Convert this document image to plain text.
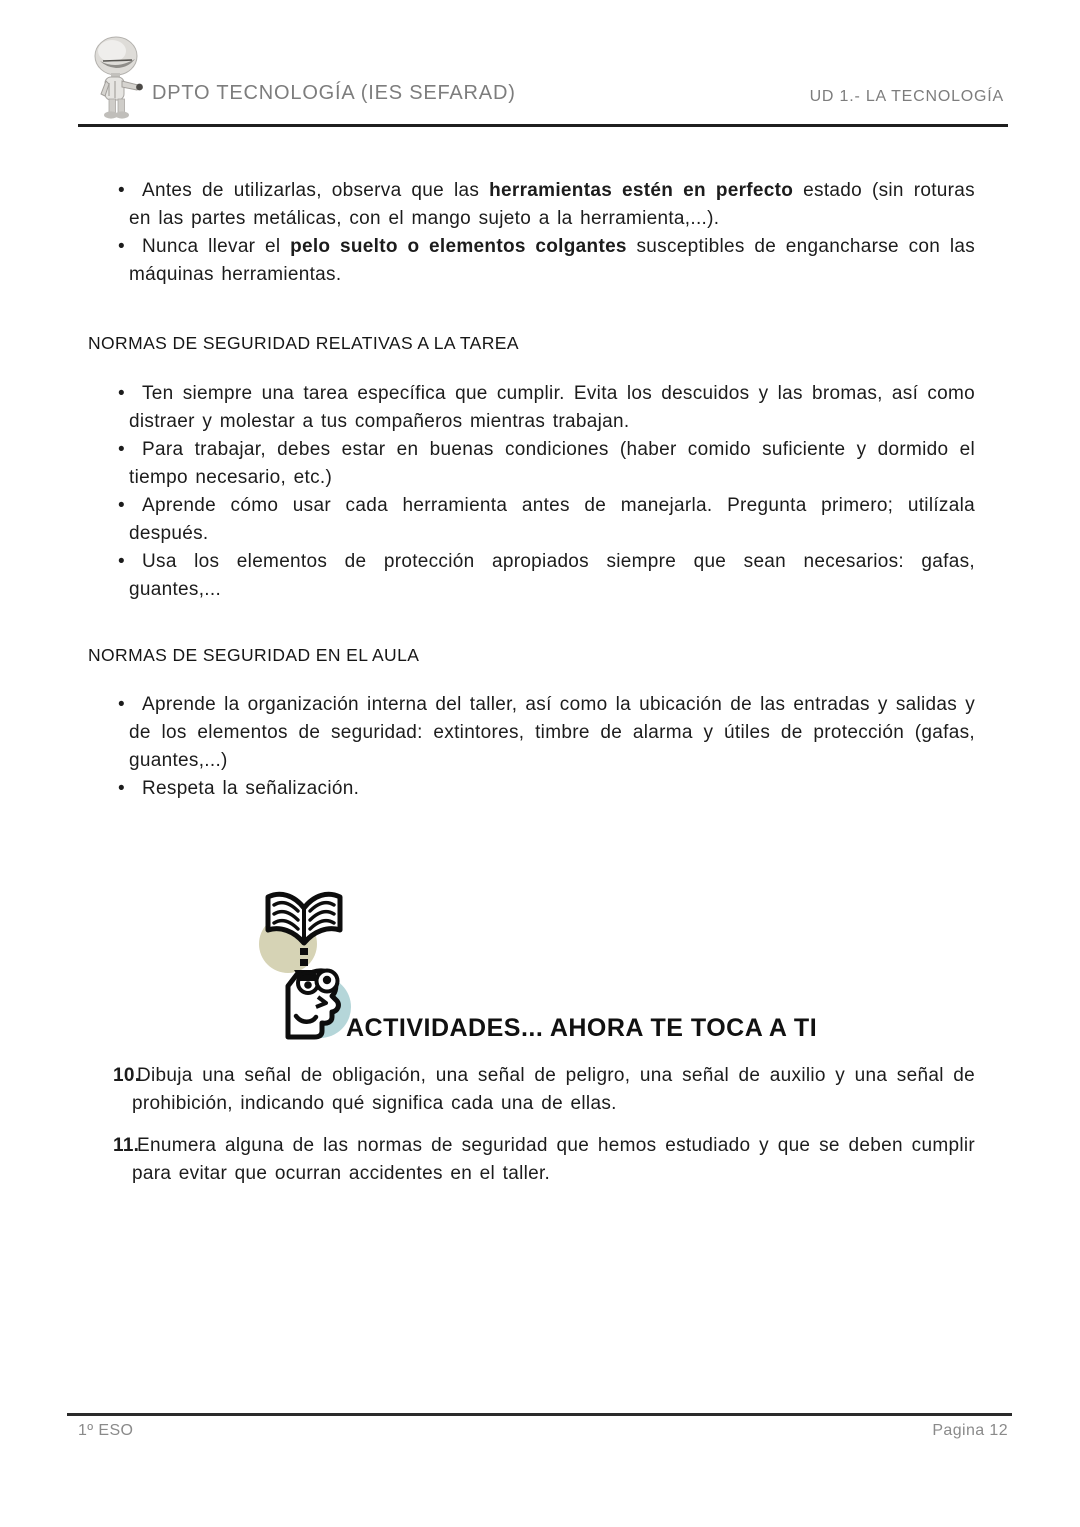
DPTO TECNOLOGÍA (IES SEFARAD)	UD 1.- LA TECNOLOGÍA
• Antes de utilizarlas, observa que las herramientas estén en perfecto estado (sin roturas en las partes metálicas, con el mango sujeto a la herramienta,...).
• Nunca llevar el pelo suelto o elementos colgantes susceptibles de engancharse con las máquinas herramientas.
NORMAS DE SEGURIDAD RELATIVAS A LA TAREA
• Ten siempre una tarea específica que cumplir. Evita los descuidos y las bromas, así como distraer y molestar a tus compañeros mientras trabajan.
• Para trabajar, debes estar en buenas condiciones (haber comido suficiente y dormido el tiempo necesario, etc.)
• Aprende cómo usar cada herramienta antes de manejarla. Pregunta primero; utilízala después.
• Usa los elementos de protección apropiados siempre que sean necesarios: gafas, guantes,...
NORMAS DE SEGURIDAD EN EL AULA
• Aprende la organización interna del taller, así como la ubicación de las entradas y salidas y de los elementos de seguridad: extintores, timbre de alarma y útiles de protección (gafas, guantes,...)
• Respeta la señalización.
ACTIVIDADES... AHORA TE TOCA A TI
10.
Dibuja una señal de obligación, una señal de peligro, una señal de auxilio y una señal de prohibición, indicando qué significa cada una de ellas.
11.
Enumera alguna de las normas de seguridad que hemos estudiado y que se deben cumplir para evitar que ocurran accidentes en el taller.
1º ESO	Pagina 12
